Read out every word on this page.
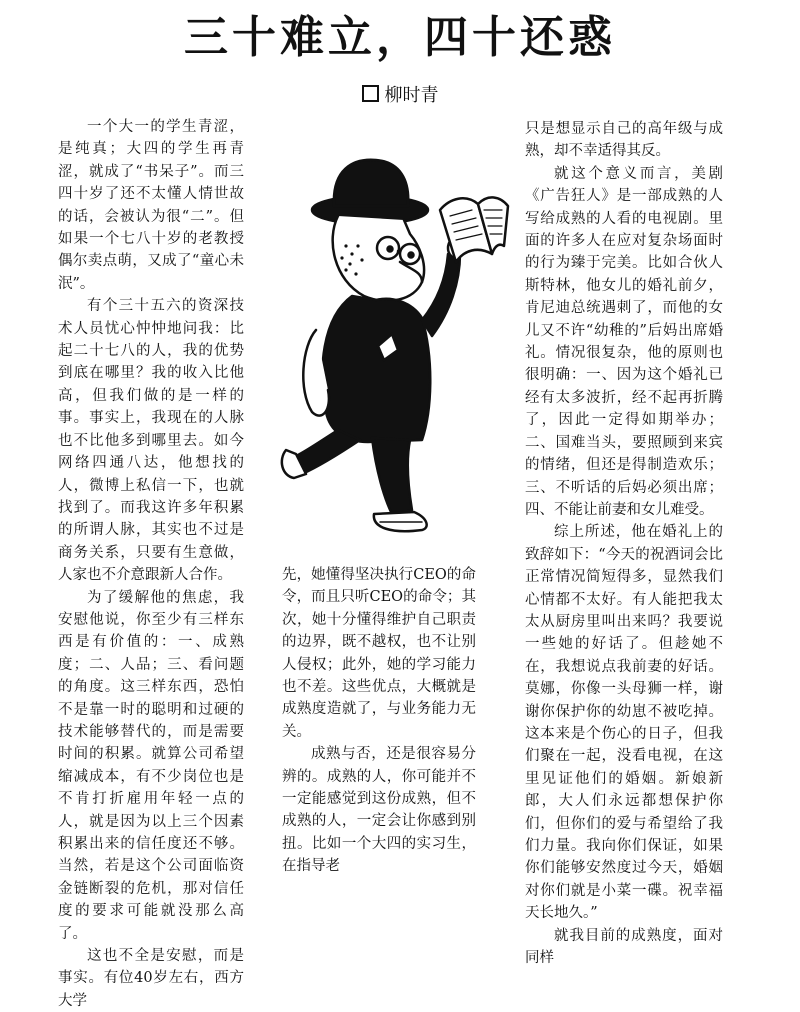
三十难立，四十还惑
柳时青

一个大一的学生青涩，是纯真；大四的学生再青涩，就成了“书呆子”。而三四十岁了还不太懂人情世故的话，会被认为很“二”。但如果一个七八十岁的老教授偶尔卖点萌，又成了“童心未泯”。

有个三十五六的资深技术人员忧心忡忡地问我：比起二十七八的人，我的优势到底在哪里？我的收入比他高，但我们做的是一样的事。事实上，我现在的人脉也不比他多到哪里去。如今网络四通八达，他想找的人，微博上私信一下，也就找到了。而我这许多年积累的所谓人脉，其实也不过是商务关系，只要有生意做，人家也不介意跟新人合作。

为了缓解他的焦虑，我安慰他说，你至少有三样东西是有价值的：一、成熟度；二、人品；三、看问题的角度。这三样东西，恐怕不是靠一时的聪明和过硬的技术能够替代的，而是需要时间的积累。就算公司希望缩减成本，有不少岗位也是不肯打折雇用年轻一点的人，就是因为以上三个因素积累出来的信任度还不够。当然，若是这个公司面临资金链断裂的危机，那对信任度的要求可能就没那么高了。

这也不全是安慰，而是事实。有位40岁左右，西方大学

先，她懂得坚决执行CEO的命令，而且只听CEO的命令；其次，她十分懂得维护自己职责的边界，既不越权，也不让别人侵权；此外，她的学习能力也不差。这些优点，大概就是成熟度造就了，与业务能力无关。

成熟与否，还是很容易分辨的。成熟的人，你可能并不一定能感觉到这份成熟，但不成熟的人，一定会让你感到别扭。比如一个大四的实习生，在指导老

只是想显示自己的高年级与成熟，却不幸适得其反。

就这个意义而言，美剧《广告狂人》是一部成熟的人写给成熟的人看的电视剧。里面的许多人在应对复杂场面时的行为臻于完美。比如合伙人斯特林，他女儿的婚礼前夕，肯尼迪总统遇刺了，而他的女儿又不许“幼稚的”后妈出席婚礼。情况很复杂，他的原则也很明确：一、因为这个婚礼已经有太多波折，经不起再折腾了，因此一定得如期举办；二、国难当头，要照顾到来宾的情绪，但还是得制造欢乐；三、不听话的后妈必须出席；四、不能让前妻和女儿难受。

综上所述，他在婚礼上的致辞如下：“今天的祝酒词会比正常情况简短得多，显然我们心情都不太好。有人能把我太太从厨房里叫出来吗？我要说一些她的好话了。但趁她不在，我想说点我前妻的好话。莫娜，你像一头母狮一样，谢谢你保护你的幼崽不被吃掉。这本来是个伤心的日子，但我们聚在一起，没看电视，在这里见证他们的婚姻。新娘新郎，大人们永远都想保护你们，但你们的爱与希望给了我们力量。我向你们保证，如果你们能够安然度过今天，婚姻对你们就是小菜一碟。祝幸福天长地久。”

就我目前的成熟度，面对同样
